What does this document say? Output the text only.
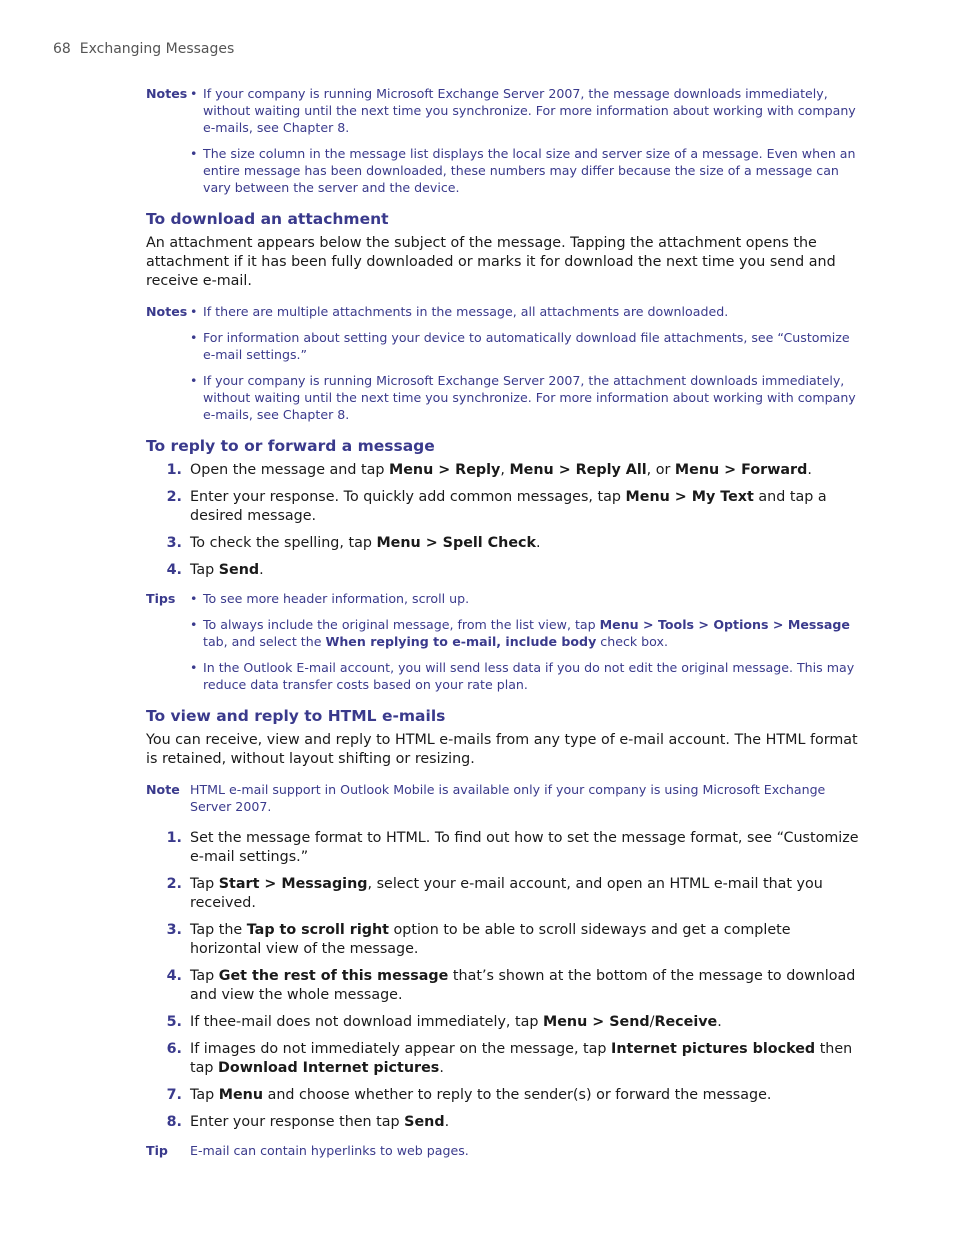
68 Exchanging Messages
Notes • If your company is running Microsoft Exchange Server 2007, the message downloads immediately, without waiting until the next time you synchronize. For more information about working with company e-mails, see Chapter 8.
• The size column in the message list displays the local size and server size of a message. Even when an entire message has been downloaded, these numbers may differ because the size of a message can vary between the server and the device.
To download an attachment

An attachment appears below the subject of the message. Tapping the attachment opens the attachment if it has been fully downloaded or marks it for download the next time you send and receive e-mail.

Notes • If there are multiple attachments in the message, all attachments are downloaded.
• For information about setting your device to automatically download file attachments, see “Customize e-mail settings.”
• If your company is running Microsoft Exchange Server 2007, the attachment downloads immediately, without waiting until the next time you synchronize. For more information about working with company e-mails, see Chapter 8.
To reply to or forward a message
1. Open the message and tap Menu > Reply, Menu > Reply All, or Menu > Forward.
2. Enter your response. To quickly add common messages, tap Menu > My Text and tap a desired message.
3. To check the spelling, tap Menu > Spell Check.
4. Tap Send.
Tips	• To see more header information, scroll up.
• To always include the original message, from the list view, tap Menu > Tools > Options > Message tab, and select the When replying to e-mail, include body check box.
• In the Outlook E-mail account, you will send less data if you do not edit the original message. This may reduce data transfer costs based on your rate plan.
To view and reply to HTML e-mails

You can receive, view and reply to HTML e-mails from any type of e-mail account. The HTML format is retained, without layout shifting or resizing.

Note HTML e-mail support in Outlook Mobile is available only if your company is using Microsoft Exchange Server 2007.
1. Set the message format to HTML. To find out how to set the message format, see “Customize e-mail settings.”
2. Tap Start > Messaging, select your e-mail account, and open an HTML e-mail that you received.
3. Tap the Tap to scroll right option to be able to scroll sideways and get a complete horizontal view of the message.
4. Tap Get the rest of this message that’s shown at the bottom of the message to download and view the whole message.
5. If thee-mail does not download immediately, tap Menu > Send/Receive.
6. If images do not immediately appear on the message, tap Internet pictures blocked then tap Download Internet pictures.
7. Tap Menu and choose whether to reply to the sender(s) or forward the message.
8. Enter your response then tap Send.
Tip	E-mail can contain hyperlinks to web pages.
